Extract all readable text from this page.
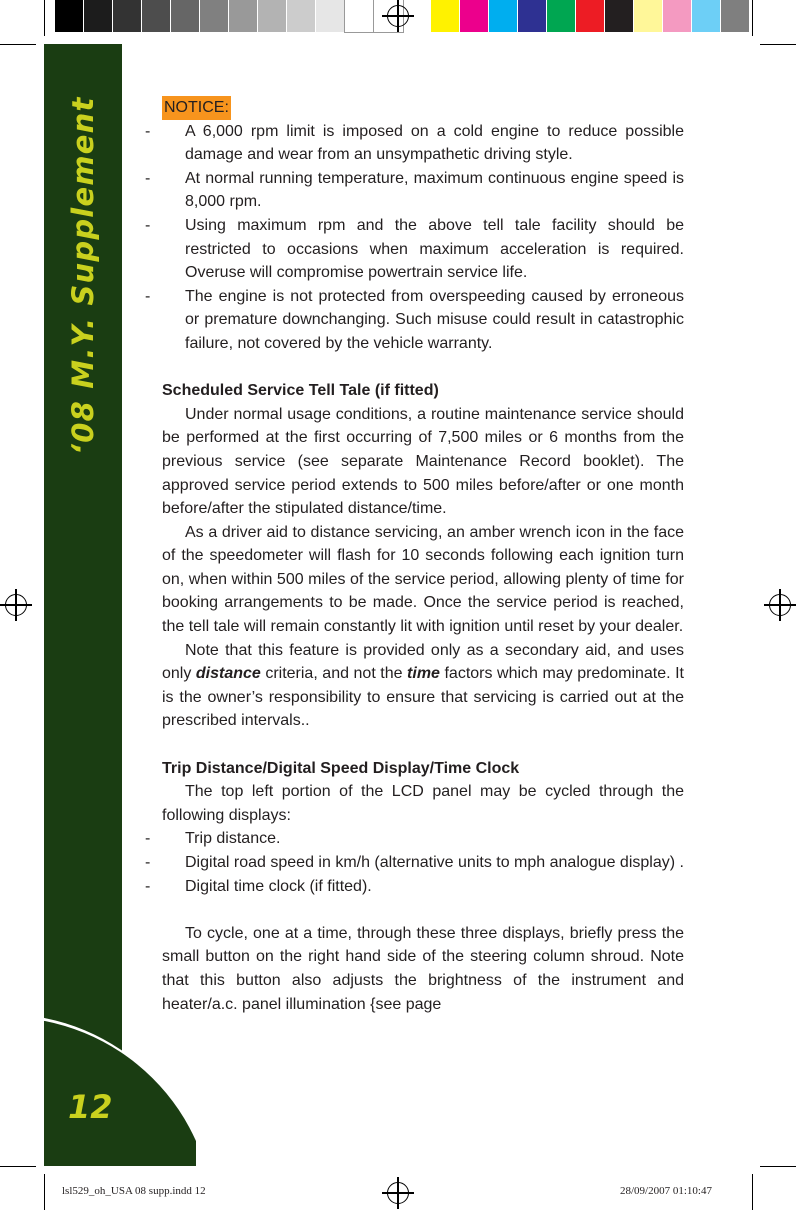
‘08 M.Y. Supplement
12
NOTICE:
- A 6,000 rpm limit is imposed on a cold engine to reduce possible damage and wear from an unsympathetic driving style.
- At normal running temperature, maximum continuous engine speed is 8,000 rpm.
- Using maximum rpm and the above tell tale facility should be restricted to occasions when maximum acceleration is required. Overuse will compromise powertrain service life.
- The engine is not protected from overspeeding caused by erroneous or premature downchanging. Such misuse could result in catastrophic failure, not covered by the vehicle warranty.
Scheduled Service Tell Tale (if fitted)
Under normal usage conditions, a routine maintenance service should be performed at the first occurring of 7,500 miles or 6 months from the previous service (see separate Maintenance Record booklet). The approved service period extends to 500 miles before/after or one month before/after the stipulated distance/time.
As a driver aid to distance servicing, an amber wrench icon in the face of the speedometer will flash for 10 seconds following each ignition turn on, when within 500 miles of the service period, allowing plenty of time for booking arrangements to be made. Once the service period is reached, the tell tale will remain constantly lit with ignition until reset by your dealer.
Note that this feature is provided only as a secondary aid, and uses only distance criteria, and not the time factors which may predominate. It is the owner’s responsibility to ensure that servicing is carried out at the prescribed intervals..
Trip Distance/Digital Speed Display/Time Clock
The top left portion of the LCD panel may be cycled through the following displays:
- Trip distance.
- Digital road speed in km/h (alternative units to mph analogue display) .
- Digital time clock (if fitted).
To cycle, one at a time, through these three displays, briefly press the small button on the right hand side of the steering column shroud. Note that this button also adjusts the brightness of the instrument and heater/a.c. panel illumination {see page
lsl529_oh_USA 08 supp.indd 12	28/09/2007 01:10:47
